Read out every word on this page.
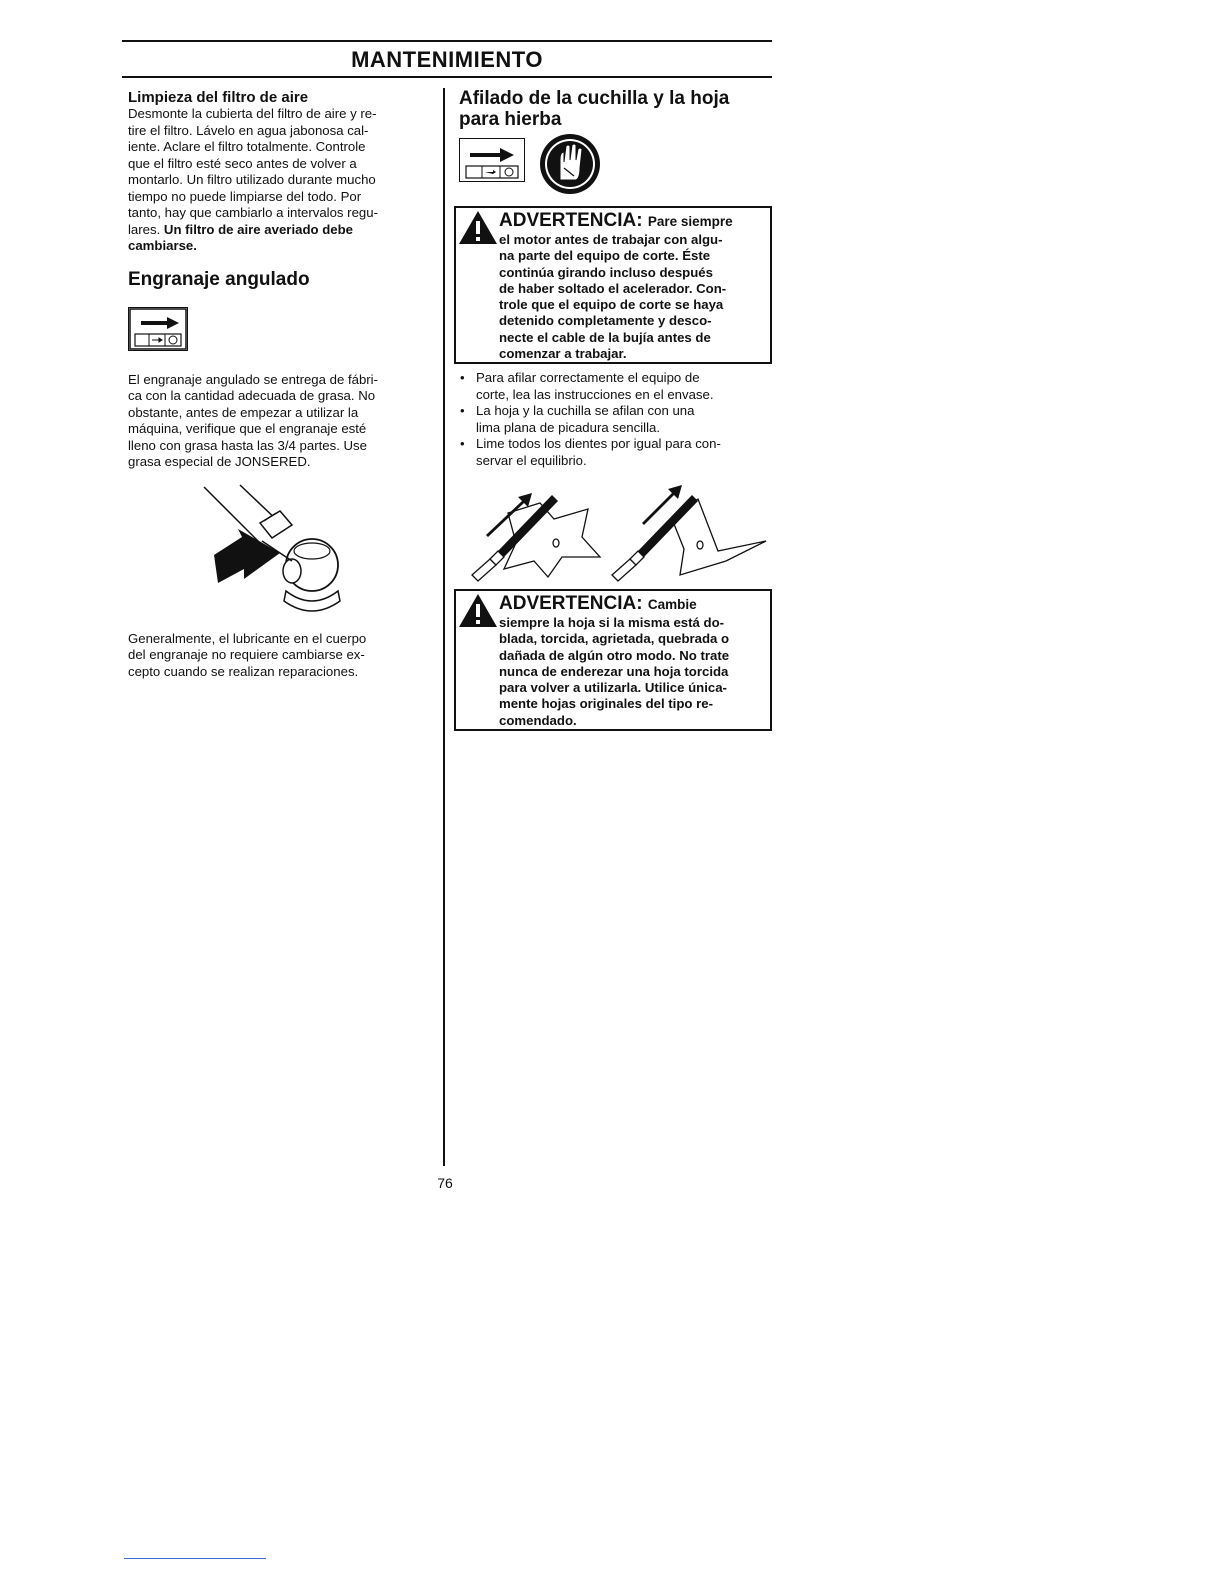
MANTENIMIENTO

Limpieza del filtro de aire

Desmonte la cubierta del filtro de aire y re-
tire el filtro. Lávelo en agua jabonosa cal-
iente. Aclare el filtro totalmente. Controle
que el filtro esté seco antes de volver a
montarlo. Un filtro utilizado durante mucho
tiempo no puede limpiarse del todo. Por
tanto, hay que cambiarlo a intervalos regu-
lares. Un filtro de aire averiado debe
cambiarse.

Engranaje angulado

El engranaje angulado se entrega de fábri-
ca con la cantidad adecuada de grasa. No
obstante, antes de empezar a utilizar la
máquina, verifique que el engranaje esté
lleno con grasa hasta las 3/4 partes. Use
grasa especial de JONSERED.

Generalmente, el lubricante en el cuerpo
del engranaje no requiere cambiarse ex-
cepto cuando se realizan reparaciones.

Afilado de la cuchilla y la hoja
para hierba

ADVERTENCIA: Pare siempre
el motor antes de trabajar con algu-
na parte del equipo de corte. Éste
continúa girando incluso después
de haber soltado el acelerador. Con-
trole que el equipo de corte se haya
detenido completamente y desco-
necte el cable de la bujía antes de
comenzar a trabajar.
• Para afilar correctamente el equipo de
corte, lea las instrucciones en el envase.
• La hoja y la cuchilla se afilan con una
lima plana de picadura sencilla.
• Lime todos los dientes por igual para con-
servar el equilibrio.
ADVERTENCIA: Cambie
siempre la hoja si la misma está do-
blada, torcida, agrietada, quebrada o
dañada de algún otro modo. No trate
nunca de enderezar una hoja torcida
para volver a utilizarla. Utilice única-
mente hojas originales del tipo re-
comendado.
76
